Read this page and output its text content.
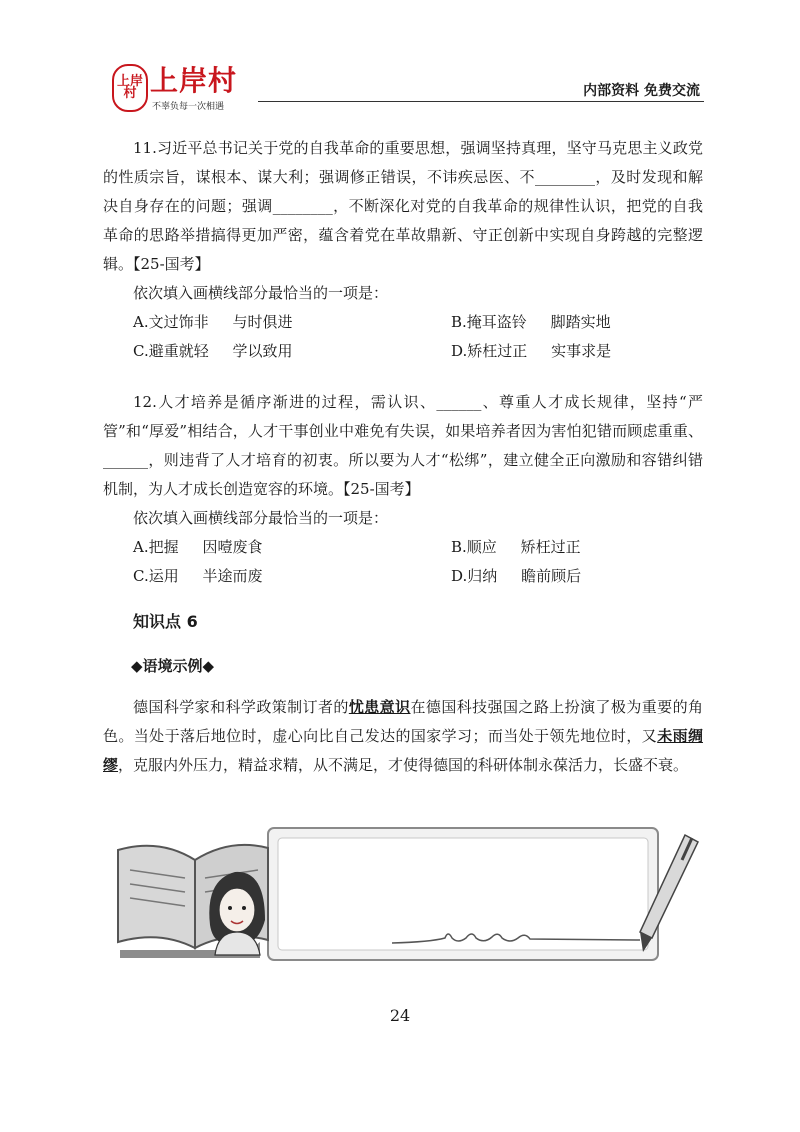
上岸村 上岸村
不辜负每一次相遇
内部资料 免费交流

11.习近平总书记关于党的自我革命的重要思想，强调坚持真理，坚守马克思主义政党的性质宗旨，谋根本、谋大利；强调修正错误，不讳疾忌医、不________，及时发现和解决自身存在的问题；强调________，不断深化对党的自我革命的规律性认识，把党的自我革命的思路举措搞得更加严密，蕴含着党在革故鼎新、守正创新中实现自身跨越的完整逻辑。【25-国考】

依次填入画横线部分最恰当的一项是：

A.文过饰非     与时俱进	B.掩耳盗铃     脚踏实地
C.避重就轻     学以致用	D.矫枉过正     实事求是

12.人才培养是循序渐进的过程，需认识、______、尊重人才成长规律，坚持“严管”和“厚爱”相结合，人才干事创业中难免有失误，如果培养者因为害怕犯错而顾虑重重、______，则违背了人才培育的初衷。所以要为人才“松绑”，建立健全正向激励和容错纠错机制，为人才成长创造宽容的环境。【25-国考】

依次填入画横线部分最恰当的一项是：

A.把握     因噎废食	B.顺应     矫枉过正
C.运用     半途而废	D.归纳     瞻前顾后

知识点 6

◆语境示例◆

德国科学家和科学政策制订者的忧患意识在德国科技强国之路上扮演了极为重要的角色。当处于落后地位时，虚心向比自己发达的国家学习；而当处于领先地位时，又未雨绸缪，克服内外压力，精益求精，从不满足，才使得德国的科研体制永葆活力，长盛不衰。

24
